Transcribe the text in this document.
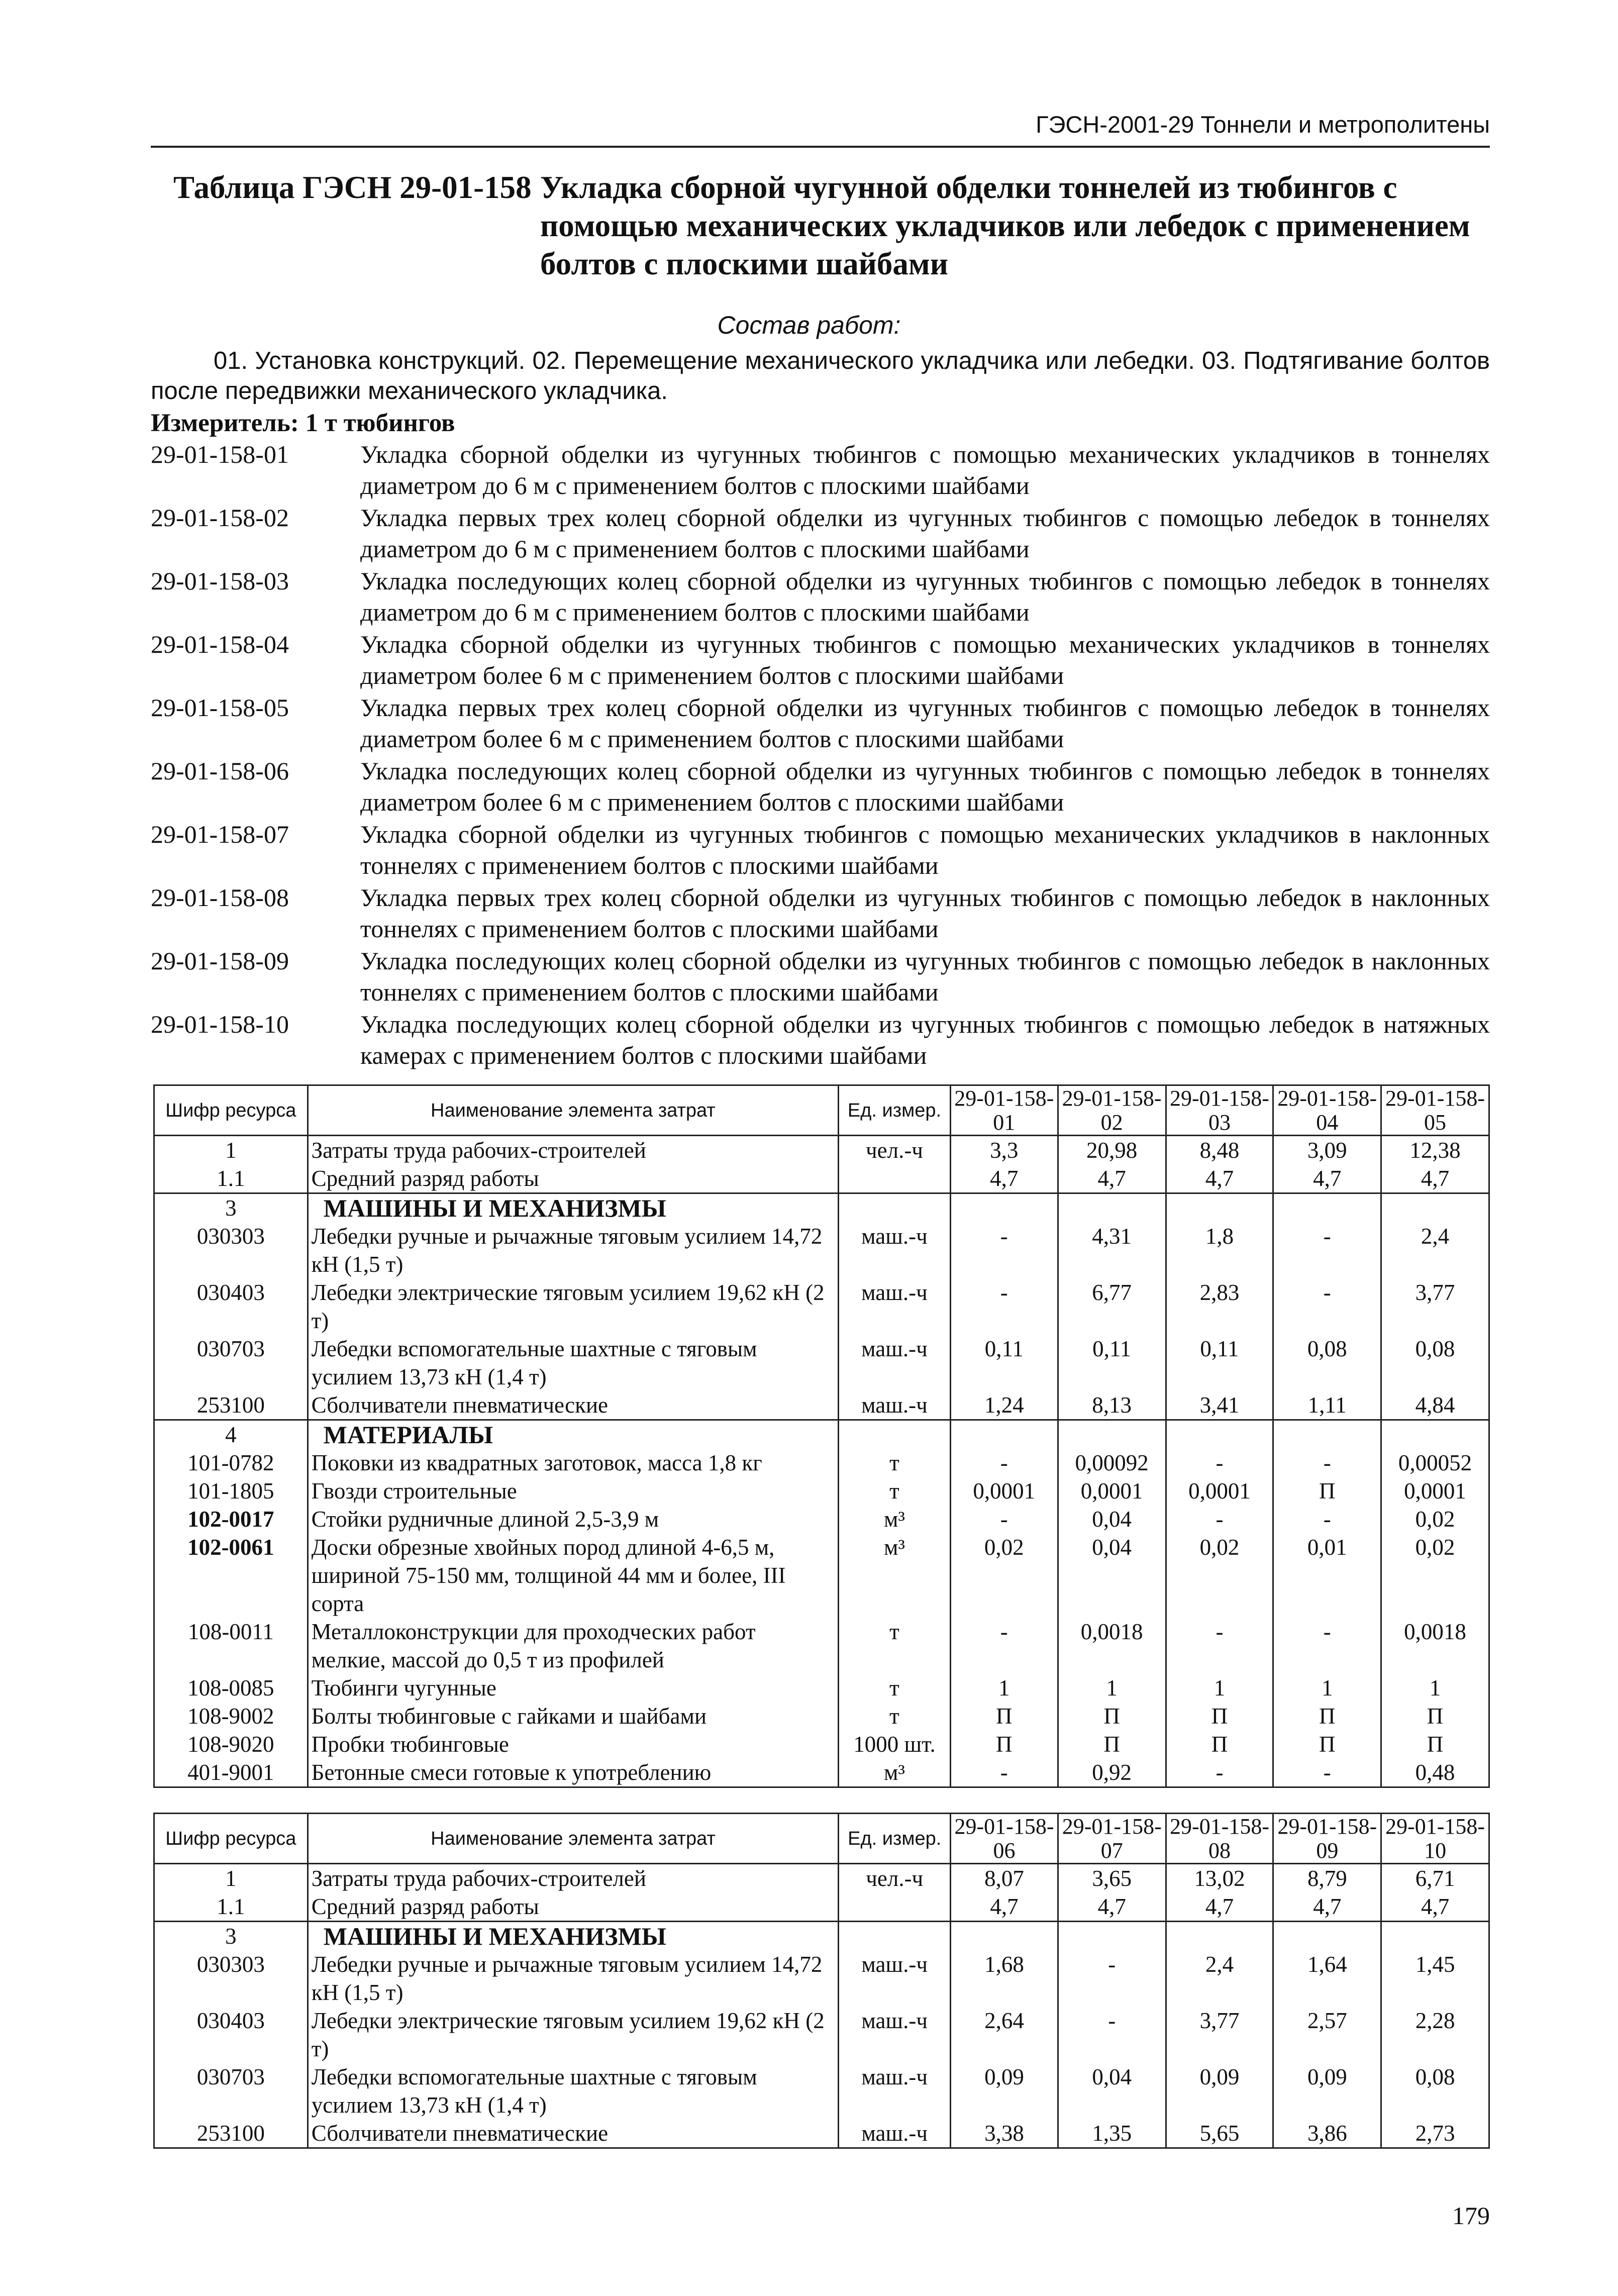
ГЭСН-2001-29 Тоннели и метрополитены
Таблица ГЭСН 29-01-158 Укладка сборной чугунной обделки тоннелей из тюбингов с помощью механических укладчиков или лебедок с применением болтов с плоскими шайбами
Состав работ:
01. Установка конструкций. 02. Перемещение механического укладчика или лебедки. 03. Подтягивание болтов после передвижки механического укладчика.
Измеритель: 1 т тюбингов
29-01-158-01	Укладка сборной обделки из чугунных тюбингов с помощью механических укладчиков в тоннелях диаметром до 6 м с применением болтов с плоскими шайбами
29-01-158-02	Укладка первых трех колец сборной обделки из чугунных тюбингов с помощью лебедок в тоннелях диаметром до 6 м с применением болтов с плоскими шайбами
29-01-158-03	Укладка последующих колец сборной обделки из чугунных тюбингов с помощью лебедок в тоннелях диаметром до 6 м с применением болтов с плоскими шайбами
29-01-158-04	Укладка сборной обделки из чугунных тюбингов с помощью механических укладчиков в тоннелях диаметром более 6 м с применением болтов с плоскими шайбами
29-01-158-05	Укладка первых трех колец сборной обделки из чугунных тюбингов с помощью лебедок в тоннелях диаметром более 6 м с применением болтов с плоскими шайбами
29-01-158-06	Укладка последующих колец сборной обделки из чугунных тюбингов с помощью лебедок в тоннелях диаметром более 6 м с применением болтов с плоскими шайбами
29-01-158-07	Укладка сборной обделки из чугунных тюбингов с помощью механических укладчиков в наклонных тоннелях с применением болтов с плоскими шайбами
29-01-158-08	Укладка первых трех колец сборной обделки из чугунных тюбингов с помощью лебедок в наклонных тоннелях с применением болтов с плоскими шайбами
29-01-158-09	Укладка последующих колец сборной обделки из чугунных тюбингов с помощью лебедок в наклонных тоннелях с применением болтов с плоскими шайбами
29-01-158-10	Укладка последующих колец сборной обделки из чугунных тюбингов с помощью лебедок в натяжных камерах с применением болтов с плоскими шайбами
Шифр ресурса	Наименование элемента затрат	Ед. измер.	29-01-158-01	29-01-158-02	29-01-158-03	29-01-158-04	29-01-158-05
1	Затраты труда рабочих-строителей	чел.-ч	3,3	20,98	8,48	3,09	12,38
1.1	Средний разряд работы		4,7	4,7	4,7	4,7	4,7
3	МАШИНЫ И МЕХАНИЗМЫ						
030303	Лебедки ручные и рычажные тяговым усилием 14,72 кН (1,5 т)	маш.-ч	-	4,31	1,8	-	2,4
030403	Лебедки электрические тяговым усилием 19,62 кН (2 т)	маш.-ч	-	6,77	2,83	-	3,77
030703	Лебедки вспомогательные шахтные с тяговым усилием 13,73 кН (1,4 т)	маш.-ч	0,11	0,11	0,11	0,08	0,08
253100	Сболчиватели пневматические	маш.-ч	1,24	8,13	3,41	1,11	4,84
4	МАТЕРИАЛЫ						
101-0782	Поковки из квадратных заготовок, масса 1,8 кг	т	-	0,00092	-	-	0,00052
101-1805	Гвозди строительные	т	0,0001	0,0001	0,0001	П	0,0001
102-0017	Стойки рудничные длиной 2,5-3,9 м	м³	-	0,04	-	-	0,02
102-0061	Доски обрезные хвойных пород длиной 4-6,5 м, шириной 75-150 мм, толщиной 44 мм и более, III сорта	м³	0,02	0,04	0,02	0,01	0,02
108-0011	Металлоконструкции для проходческих работ мелкие, массой до 0,5 т из профилей	т	-	0,0018	-	-	0,0018
108-0085	Тюбинги чугунные	т	1	1	1	1	1
108-9002	Болты тюбинговые с гайками и шайбами	т	П	П	П	П	П
108-9020	Пробки тюбинговые	1000 шт.	П	П	П	П	П
401-9001	Бетонные смеси готовые к употреблению	м³	-	0,92	-	-	0,48
Шифр ресурса	Наименование элемента затрат	Ед. измер.	29-01-158-06	29-01-158-07	29-01-158-08	29-01-158-09	29-01-158-10
1	Затраты труда рабочих-строителей	чел.-ч	8,07	3,65	13,02	8,79	6,71
1.1	Средний разряд работы		4,7	4,7	4,7	4,7	4,7
3	МАШИНЫ И МЕХАНИЗМЫ						
030303	Лебедки ручные и рычажные тяговым усилием 14,72 кН (1,5 т)	маш.-ч	1,68	-	2,4	1,64	1,45
030403	Лебедки электрические тяговым усилием 19,62 кН (2 т)	маш.-ч	2,64	-	3,77	2,57	2,28
030703	Лебедки вспомогательные шахтные с тяговым усилием 13,73 кН (1,4 т)	маш.-ч	0,09	0,04	0,09	0,09	0,08
253100	Сболчиватели пневматические	маш.-ч	3,38	1,35	5,65	3,86	2,73
179
